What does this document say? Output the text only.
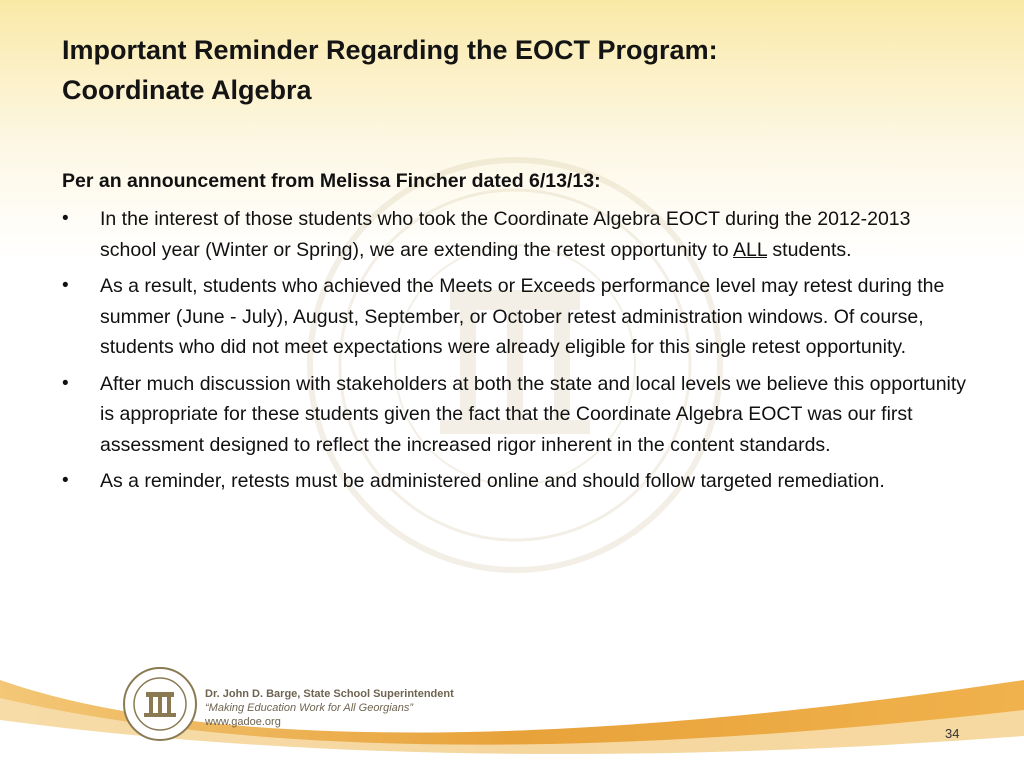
Important Reminder Regarding the EOCT Program:
Coordinate Algebra

Per an announcement from Melissa Fincher dated 6/13/13:

• In the interest of those students who took the Coordinate Algebra EOCT during the 2012-2013 school year (Winter or Spring), we are extending the retest opportunity to ALL students.
• As a result, students who achieved the Meets or Exceeds performance level may retest during the summer (June - July), August, September, or October retest administration windows. Of course, students who did not meet expectations were already eligible for this single retest opportunity.
• After much discussion with stakeholders at both the state and local levels we believe this opportunity is appropriate for these students given the fact that the Coordinate Algebra EOCT was our first assessment designed to reflect the increased rigor inherent in the content standards.
• As a reminder, retests must be administered online and should follow targeted remediation.
Dr. John D. Barge, State School Superintendent
“Making Education Work for All Georgians”
www.gadoe.org
34
